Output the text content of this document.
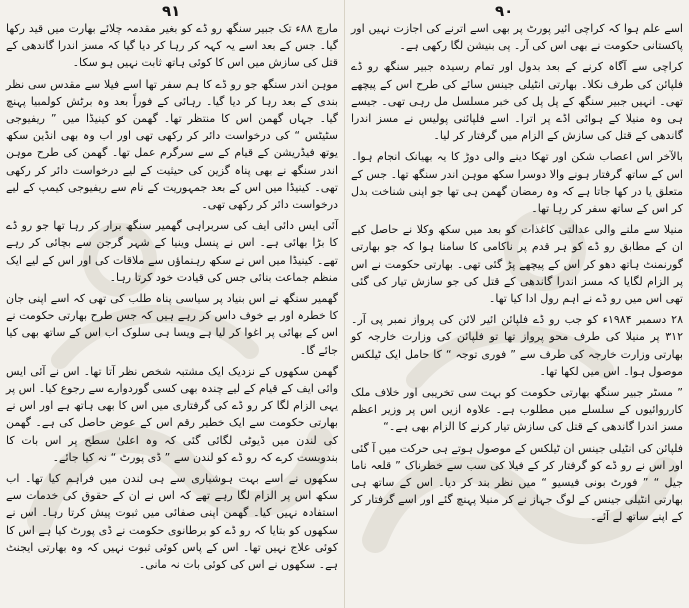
۹۱

مارچ ۸۸ء تک جبیر سنگھ رو ڈے کو بغیر مقدمہ چلائے بھارت میں قید رکھا گیا۔ جس کے بعد اسے یہ کہہ کر رہا کر دیا گیا کہ مسز اندرا گاندھی کے قتل کی سازش میں اس کا کوئی ہاتھ ثابت نہیں ہو سکا۔

موہن اندر سنگھ جو رو ڈے کا ہم سفر تھا اسے فیلا سے مقدس سی نظر بندی کے بعد رہا کر دیا گیا۔ رہائی کے فوراً بعد وہ برٹش کولمبیا پہنچ گیا۔ جہاں گھمن اس کا منتظر تھا۔ گھمن کو کینیڈا میں ” ریفیوجی سٹیٹس “ کی درخواست دائر کر رکھی تھی اور اب وہ بھی انڈین سکھ یوتھ فیڈریشن کے قیام کے سے سرگرم عمل تھا۔ گھمن کی طرح موہن اندر سنگھ نے بھی پناہ گزین کی حیثیت کے لیے درخواست دائر کر رکھی تھی۔ کینیڈا میں اس کے بعد جمہوریت کے نام سے ریفیوجی کیمپ کے لیے درخواست دائر کر رکھی تھی۔

آئی ایس دائی ایف کی سربراہی گھمیر سنگھ برار کر رہا تھا جو رو ڈے کا بڑا بھائی ہے۔ اس نے پنسل وینیا کے شہر گرجن سے بچائی کر رہے تھے۔ کینیڈا میں اس نے سکھ رہنماؤں سے ملاقات کی اور اس کے لیے ایک منظم جماعت بنائی جس کی قیادت خود کرتا رہا۔

گھمیر سنگھ نے اس بنیاد پر سیاسی پناہ طلب کی تھی کہ اسے اپنی جان کا خطرہ اور بے خوف داس کر رہے ہیں کہ جس طرح بھارتی حکومت نے اس کے بھائی پر اغوا کر لیا ہے ویسا ہی سلوک اب اس کے ساتھ بھی کیا جائے گا۔

گھمن سکھوں کے نزدیک ایک مشتبہ شخص نظر آتا تھا۔ اس نے آئی ایس وائی ایف کے قیام کے لیے چندہ بھی کسی گوردوارے سے رجوع کیا۔ اس پر یہی الزام لگا کر رو ڈے کی گرفتاری میں اس کا بھی ہاتھ ہے اور اس نے بھارتی حکومت سے ایک خطیر رقم اس کے عوض حاصل کی ہے۔ گھمن کی لندن میں ڈیوٹی لگائی گئی کہ وہ اعلیٰ سطح پر اس بات کا بندوبست کرے کہ رو ڈے کو لندن سے ” ڈی پورٹ “ نہ کیا جائے۔

سکھوں نے اسے بہت ہوشیاری سے ہی لندن میں فراہم کیا تھا۔ اب سکھ اس پر الزام لگا رہے تھے کہ اس نے ان کے حقوق کی خدمات سے استفادہ نہیں کیا۔ گھمن اپنی صفائی میں ثبوت پیش کرتا رہا۔ اس نے سکھوں کو بتایا کہ رو ڈے کو برطانوی حکومت نے ڈی پورٹ کیا ہے اس کا کوئی علاج نہیں تھا۔ اس کے پاس کوئی ثبوت نہیں کہ وہ بھارتی ایجنٹ ہے۔ سکھوں نے اس کی کوئی بات نہ مانی۔

۹۰

اسے علم ہوا کہ کراچی ائیر پورٹ پر بھی اسے اترنے کی اجازت نہیں اور پاکستانی حکومت نے بھی اس کی آر۔ پی بنیشن لگا رکھی ہے۔

کراچی سے آگاہ کرنے کے بعد بدول اور تمام رسیدہ جبیر سنگھ رو ڈے فلپائن کی طرف نکلا۔ بھارتی انٹیلی جینس سائے کی طرح اس کے پیچھے تھی۔ انہیں جبیر سنگھ کے پل پل کی خبر مسلسل مل رہی تھی۔ جیسے ہی وہ منیلا کے ہوائی اڈے پر اترا۔ اسے فلپائنی پولیس نے مسز اندرا گاندھی کے قتل کی سازش کے الزام میں گرفتار کر لیا۔

بالآخر اس اعصاب شکن اور تھکا دینے والی دوڑ کا یہ بھیانک انجام ہوا۔ اس کے ساتھ گرفتار ہونے والا دوسرا سکھ موہن اندر سنگھ تھا۔ جس کے متعلق یا در کھا جاتا ہے کہ وہ رمضان گھمن ہی تھا جو اپنی شناخت بدل کر اس کے ساتھ سفر کر رہا تھا۔

منیلا سے ملنے والی عدالتی کاغذات کو بعد میں سکھ وکلا نے حاصل کیے ان کے مطابق رو ڈے کو ہر قدم پر ناکامی کا سامنا ہوا کہ جو بھارتی گورنمنٹ ہاتھ دھو کر اس کے پیچھے پڑ گئی تھی۔ بھارتی حکومت نے اس پر الزام لگایا کہ مسز اندرا گاندھی کے قتل کی جو سازش تیار کی گئی تھی اس میں رو ڈے نے اہم رول ادا کیا تھا۔

۲۸ دسمبر ۱۹۸۴ء کو جب رو ڈے فلپائن ائیر لائن کی پرواز نمبر پی آر۔ ۳۱۲ پر منیلا کی طرف محو پرواز تھا تو فلپائن کی وزارت خارجہ کو بھارتی وزارت خارجہ کی طرف سے ” فوری توجہ “ کا حامل ایک ٹیلکس موصول ہوا۔ اس میں لکھا تھا۔

” مسٹر جبیر سنگھ بھارتی حکومت کو بہت سی تخریبی اور خلاف ملک کارروائیوں کے سلسلے میں مطلوب ہے۔ علاوہ ازیں اس پر وزیر اعظم مسز اندرا گاندھی کے قتل کی سازش تیار کرنے کا الزام بھی ہے۔“

فلپائن کی انٹیلی جینس ان ٹیلکس کے موصول ہوتے ہی حرکت میں آ گئی اور اس نے رو ڈے کو گرفتار کر کے فیلا کی سب سے خطرناک ” قلعہ ناما جیل “ ” فورٹ بونی فیسیو “ میں نظر بند کر دیا۔ اس کے ساتھ ہی بھارتی انٹیلی جینس کے لوگ جہاز نے کر منیلا پہنچ گئے اور اسے گرفتار کر کے اپنے ساتھ لے آئے۔
